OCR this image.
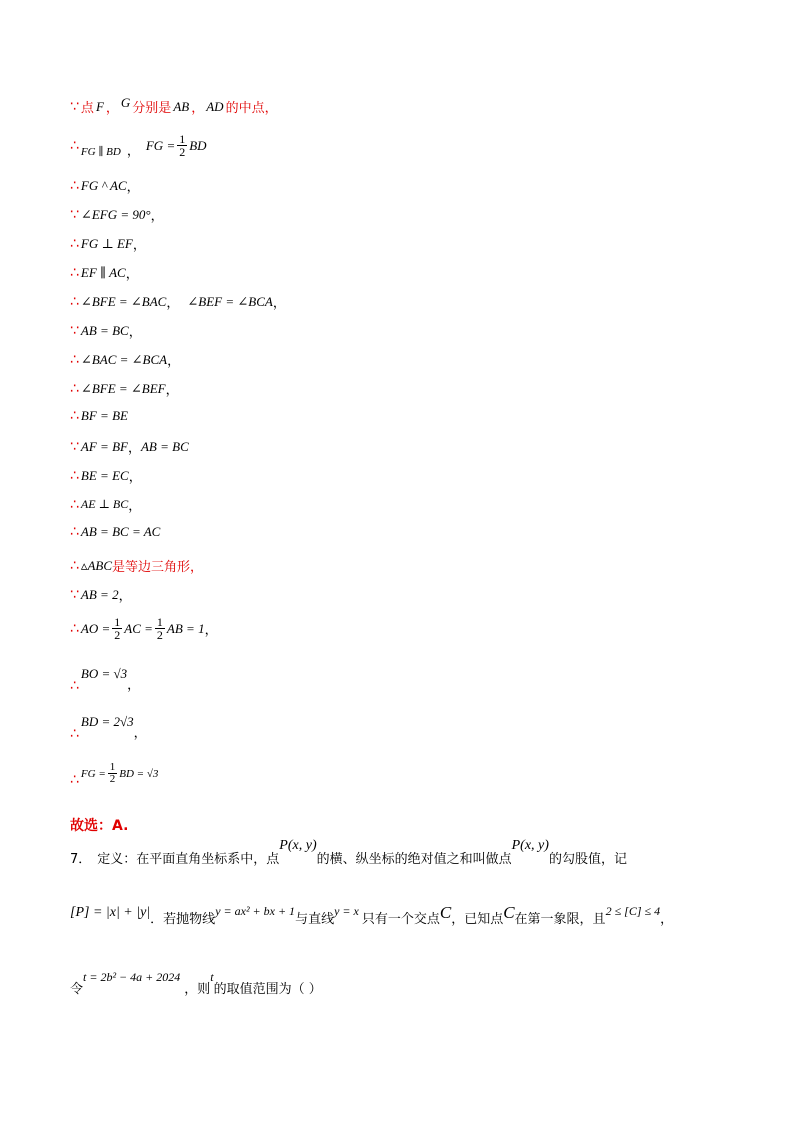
∵ 点 F ， G 分别是 AB ， AD 的中点，
∴ FG ∥ BD ， FG = $\frac{1}{2}$ BD
∴ FG ^ AC ，
∵ ∠EFG = 90° ，
∴ FG ⊥ EF ，
∴ EF ∥ AC ，
∴ ∠BFE = ∠BAC ， ∠BEF = ∠BCA ，
∵ AB = BC ，
∴ ∠BAC = ∠BCA ，
∴ ∠BFE = ∠BEF ，
∴ BF = BE
∵ AF = BF ， AB = BC
∴ BE = EC ，
∴ AE ⊥ BC ，
∴ AB = BC = AC
∴ ▵ABC 是等边三角形，
∵ AB = 2 ，
∴ AO = $\frac{1}{2}$ AC = $\frac{1}{2}$ AB = 1 ，
∴
BO = √3
，
∴
BD = 2√3
，
∴ FG = $\frac{1}{2}$ BD = √3
故选：A.
7． 定义：在平面直角坐标系中，点
P(x, y)
的横、纵坐标的绝对值之和叫做点
P(x, y)
的勾股值，记
[P] = |x| + |y| ．若抛物线
y = ax² + bx + 1
与直线
y = x
只有一个交点 C ，已知点 C 在第一象限，且
2 ≤ [C] ≤ 4
，
令
t = 2b² − 4a + 2024
，则
t
的取值范围为（ ）
